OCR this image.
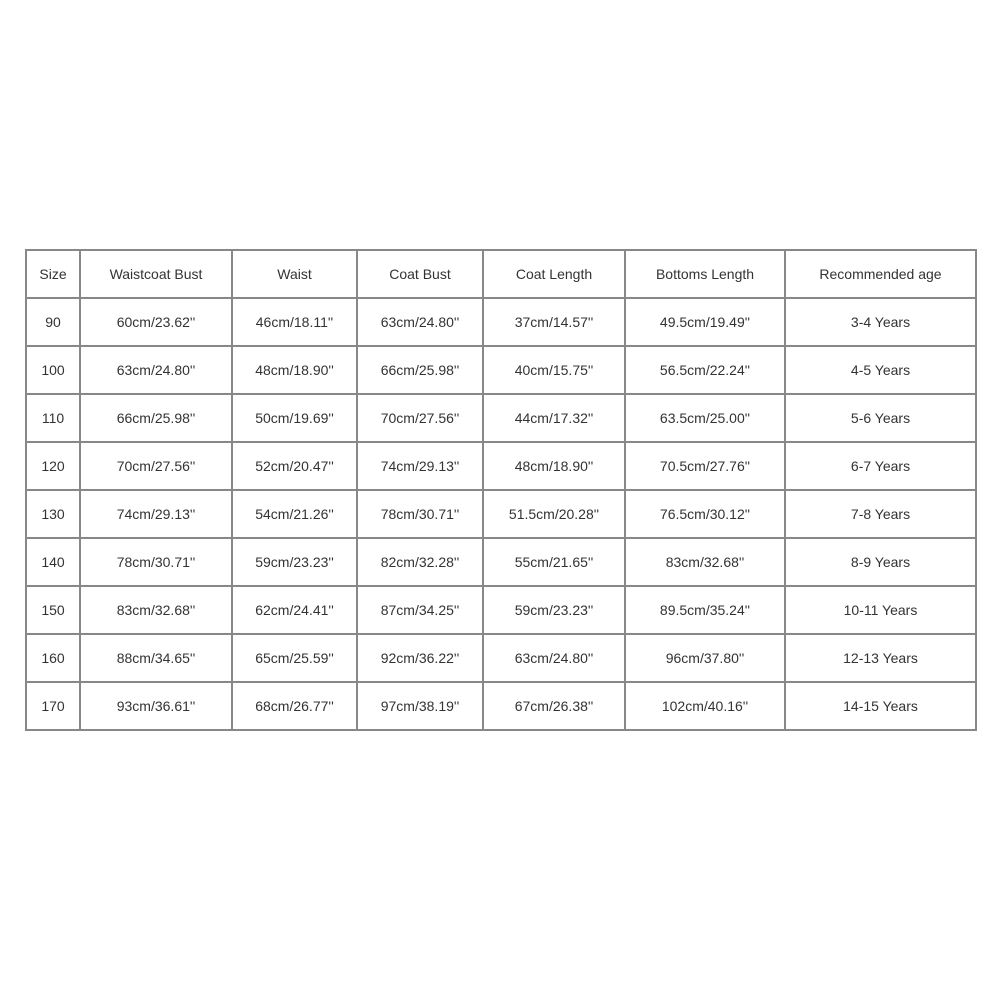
Size	Waistcoat Bust	Waist	Coat Bust	Coat Length	Bottoms Length	Recommended age
90	60cm/23.62''	46cm/18.11''	63cm/24.80''	37cm/14.57''	49.5cm/19.49''	3-4 Years
100	63cm/24.80''	48cm/18.90''	66cm/25.98''	40cm/15.75''	56.5cm/22.24''	4-5 Years
110	66cm/25.98''	50cm/19.69''	70cm/27.56''	44cm/17.32''	63.5cm/25.00''	5-6 Years
120	70cm/27.56''	52cm/20.47''	74cm/29.13''	48cm/18.90''	70.5cm/27.76''	6-7 Years
130	74cm/29.13''	54cm/21.26''	78cm/30.71''	51.5cm/20.28''	76.5cm/30.12''	7-8 Years
140	78cm/30.71''	59cm/23.23''	82cm/32.28''	55cm/21.65''	83cm/32.68''	8-9 Years
150	83cm/32.68''	62cm/24.41''	87cm/34.25''	59cm/23.23''	89.5cm/35.24''	10-11 Years
160	88cm/34.65''	65cm/25.59''	92cm/36.22''	63cm/24.80''	96cm/37.80''	12-13 Years
170	93cm/36.61''	68cm/26.77''	97cm/38.19''	67cm/26.38''	102cm/40.16''	14-15 Years
